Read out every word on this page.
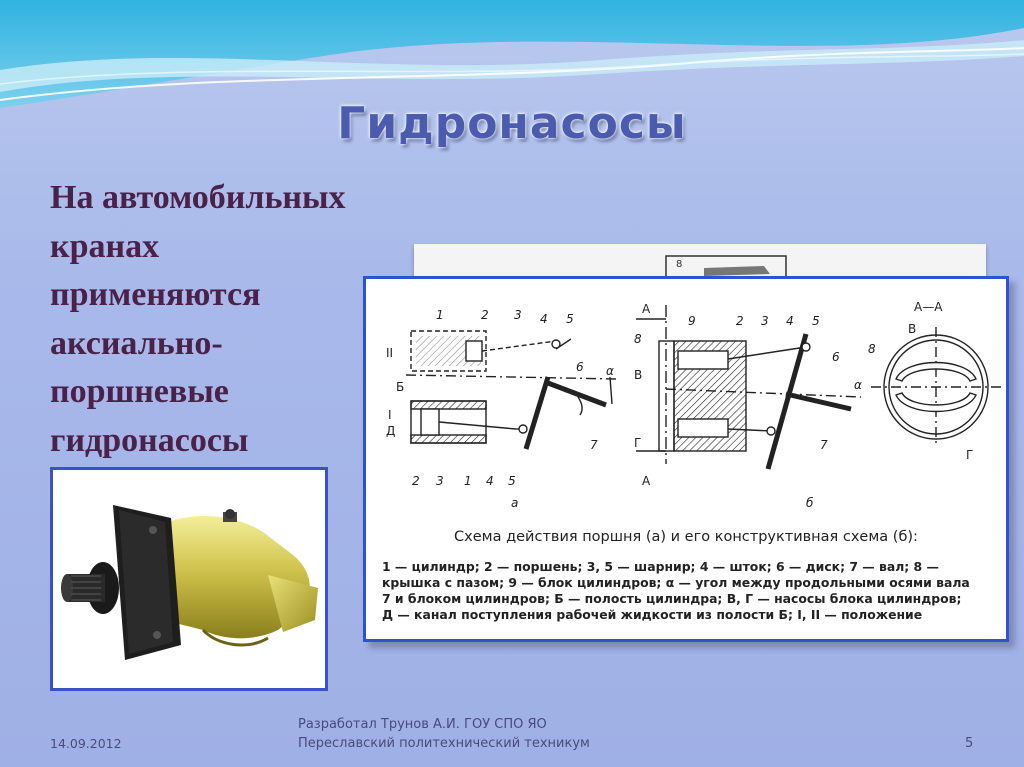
Гидронасосы
На автомобильных
кранах
применяются
аксиально-
поршневые
гидронасосы
8
1	2 3 4 5
6
7
2 3 1 4 5
α
9	2 3 4 5
6
7
α
8
8
II
Б
I
Д
А
А
В
Г
А—А
В
Г
а	б
Схема действия поршня (а) и его конструктивная схема (б):
1 — цилиндр; 2 — поршень; 3, 5 — шарнир; 4 — шток; 6 — диск; 7 — вал; 8 —
крышка с пазом; 9 — блок цилиндров; α — угол между продольными осями вала
7 и блоком цилиндров; Б — полость цилиндра; В, Г — насосы блока цилиндров;
Д — канал поступления рабочей жидкости из полости Б; I, II — положение
14.09.2012
Разработал Трунов А.И. ГОУ СПО ЯО
Переславский политехнический техникум	5
